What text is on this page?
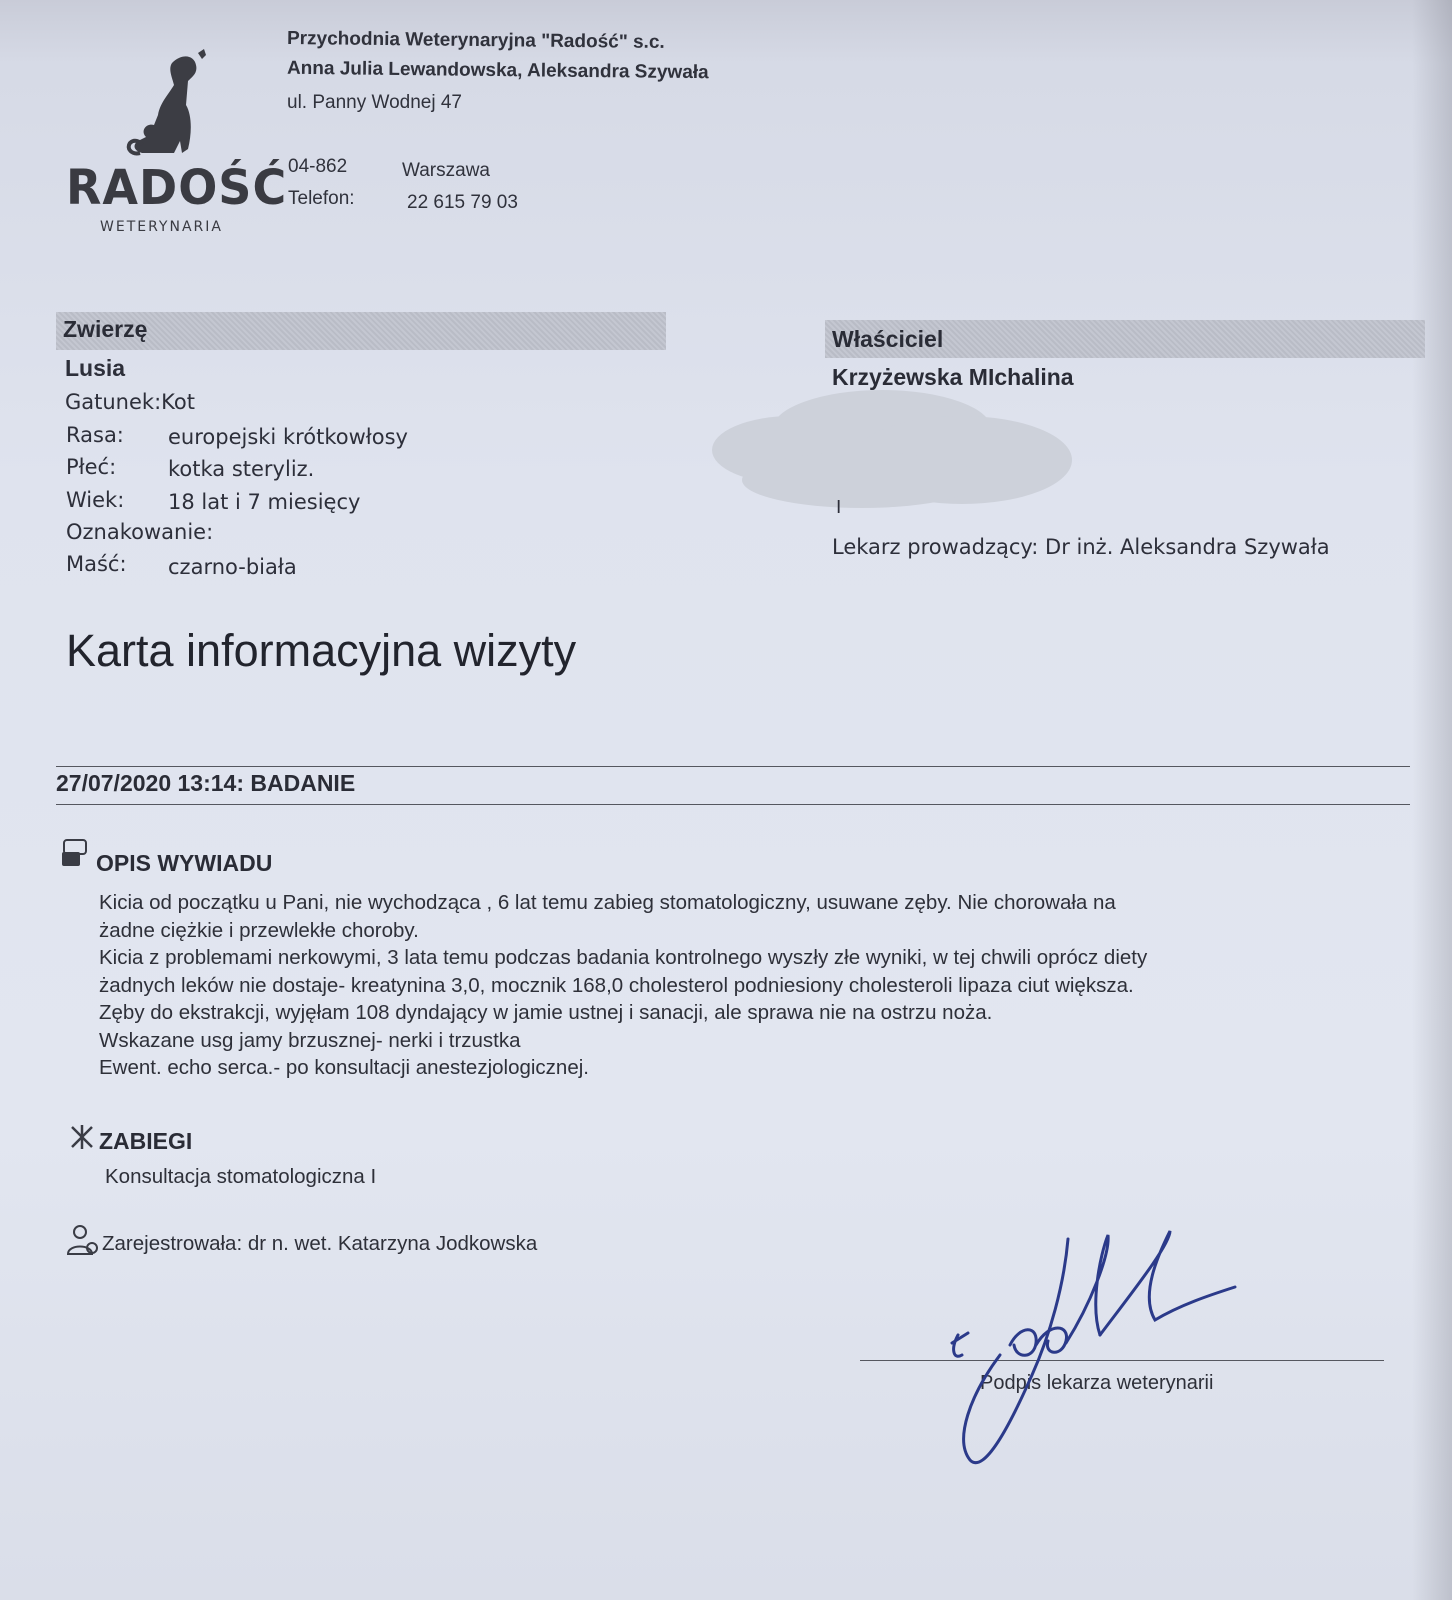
RADOŚĆ
WETERYNARIA
Przychodnia Weterynaryjna "Radość" s.c.
Anna Julia Lewandowska, Aleksandra Szywała
ul. Panny Wodnej 47
04-862	Warszawa
Telefon:	22 615 79 03
Zwierzę
Lusia
Gatunek:Kot
Rasa: europejski krótkowłosy
Płeć: kotka steryliz.
Wiek: 18 lat i 7 miesięcy
Oznakowanie:
Maść: czarno-biała
Właściciel
Krzyżewska MIchalina
I
Lekarz prowadzący: Dr inż. Aleksandra Szywała
Karta informacyjna wizyty
27/07/2020 13:14: BADANIE
OPIS WYWIADU
Kicia od początku u Pani, nie wychodząca , 6 lat temu zabieg stomatologiczny, usuwane zęby. Nie chorowała na
żadne ciężkie i przewlekłe choroby.
Kicia z problemami nerkowymi, 3 lata temu podczas badania kontrolnego wyszły złe wyniki, w tej chwili oprócz diety
żadnych leków nie dostaje- kreatynina 3,0, mocznik 168,0 cholesterol podniesiony cholesteroli lipaza ciut większa.
Zęby do ekstrakcji, wyjęłam 108 dyndający w jamie ustnej i sanacji, ale sprawa nie na ostrzu noża.
Wskazane usg jamy brzusznej- nerki i trzustka
Ewent. echo serca.- po konsultacji anestezjologicznej.
ZABIEGI
Konsultacja stomatologiczna I
Zarejestrowała: dr n. wet. Katarzyna Jodkowska
Podpis lekarza weterynarii
